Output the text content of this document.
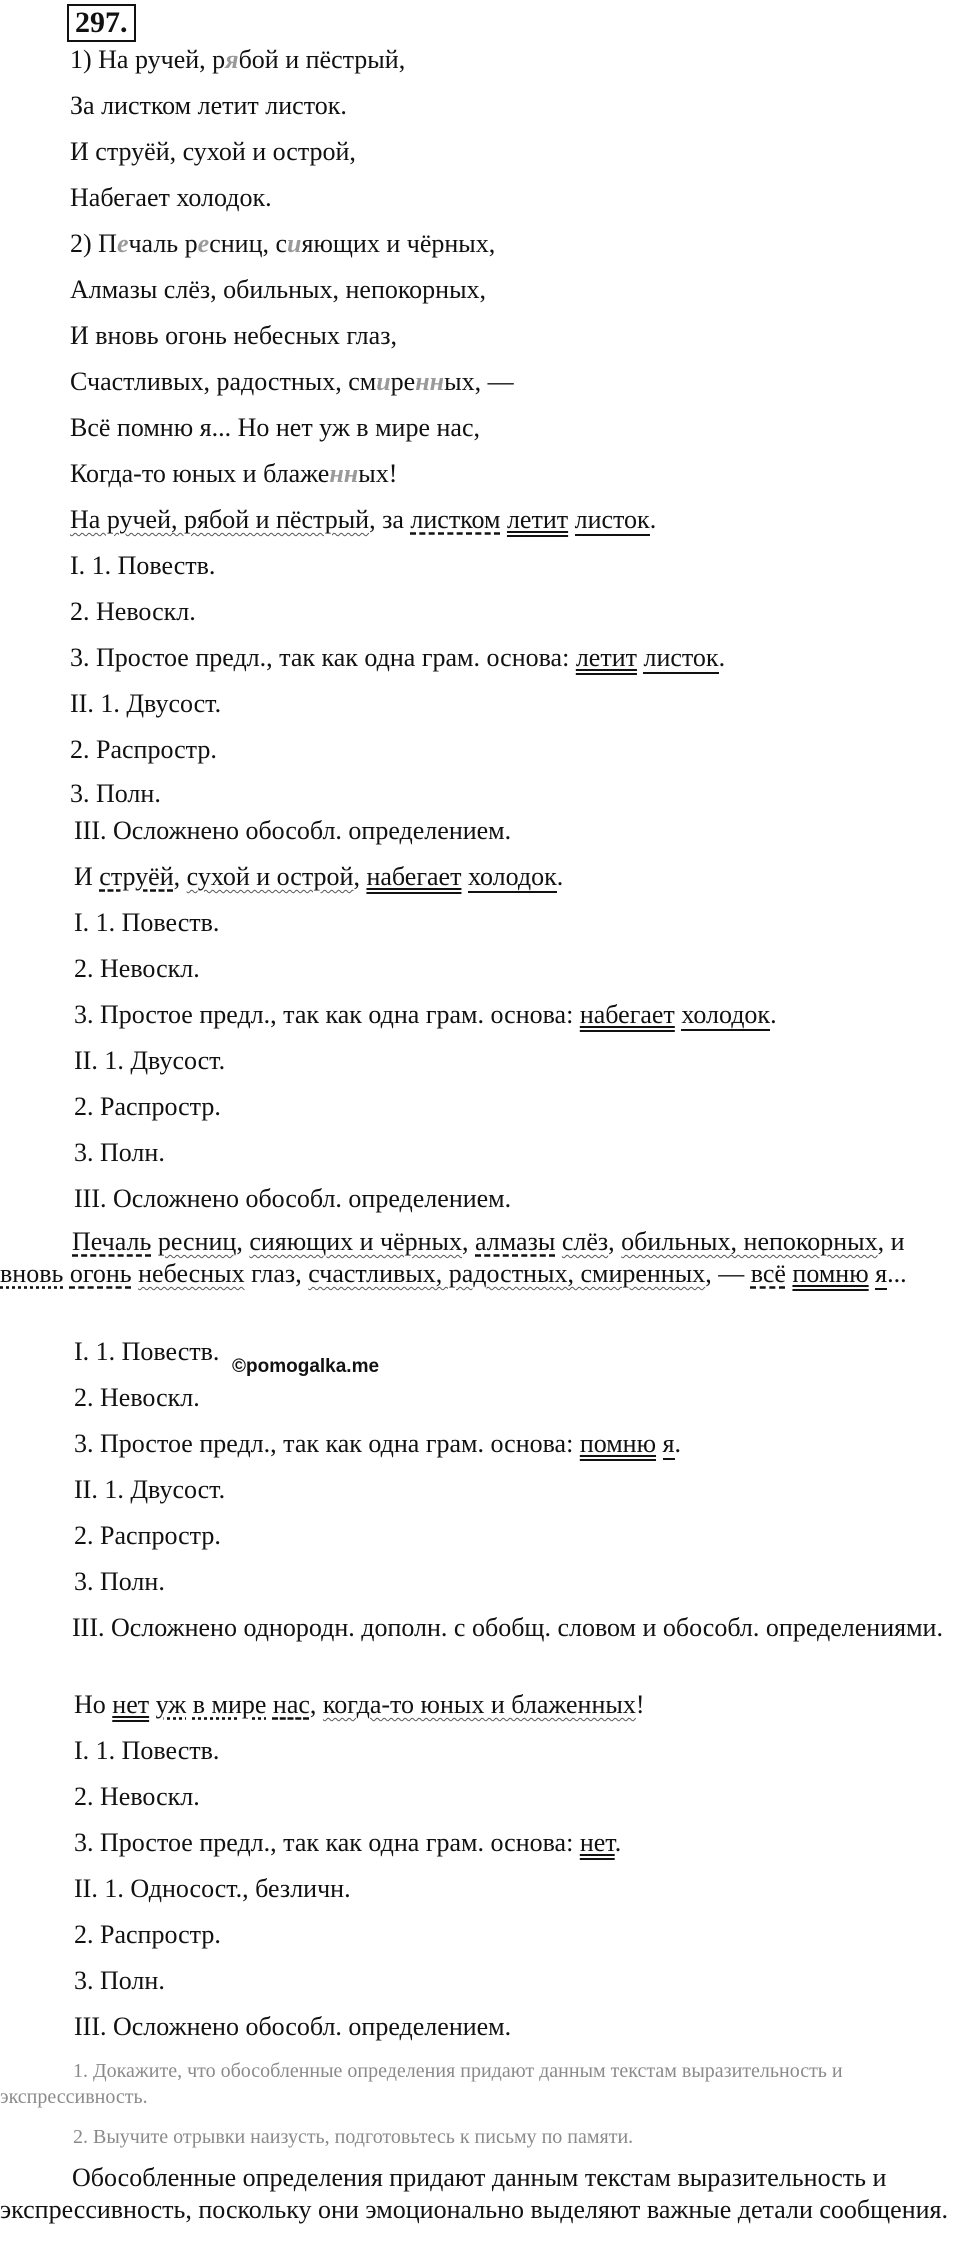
297.
1) На ручей, рябой и пёстрый,
За листком летит листок.
И струёй, сухой и острой,
Набегает холодок.
2) Печаль ресниц, сияющих и чёрных,
Алмазы слёз, обильных, непокорных,
И вновь огонь небесных глаз,
Счастливых, радостных, смиренных, —
Всё помню я... Но нет уж в мире нас,
Когда-то юных и блаженных!
На ручей, рябой и пёстрый, за листком летит листок.
I. 1. Повеств.
2. Невоскл.
3. Простое предл., так как одна грам. основа: летит листок.
II. 1. Двусост.
2. Распростр.
3. Полн.
III. Осложнено обособл. определением.
И струёй, сухой и острой, набегает холодок.
I. 1. Повеств.
2. Невоскл.
3. Простое предл., так как одна грам. основа: набегает холодок.
II. 1. Двусост.
2. Распростр.
3. Полн.
III. Осложнено обособл. определением.
Печаль ресниц, сияющих и чёрных, алмазы слёз, обильных, непокорных, и вновь огонь небесных глаз, счастливых, радостных, смиренных, — всё помню я...
I. 1. Повеств.
©pomogalka.me
2. Невоскл.
3. Простое предл., так как одна грам. основа: помню я.
II. 1. Двусост.
2. Распростр.
3. Полн.
III. Осложнено однородн. дополн. с обобщ. словом и обособл. определениями.
Но нет уж в мире нас, когда-то юных и блаженных!
I. 1. Повеств.
2. Невоскл.
3. Простое предл., так как одна грам. основа: нет.
II. 1. Односост., безличн.
2. Распростр.
3. Полн.
III. Осложнено обособл. определением.
1. Докажите, что обособленные определения придают данным текстам выразительность и экспрессивность.
2. Выучите отрывки наизусть, подготовьтесь к письму по памяти.
Обособленные определения придают данным текстам выразительность и экспрессивность, поскольку они эмоционально выделяют важные детали сообщения.
